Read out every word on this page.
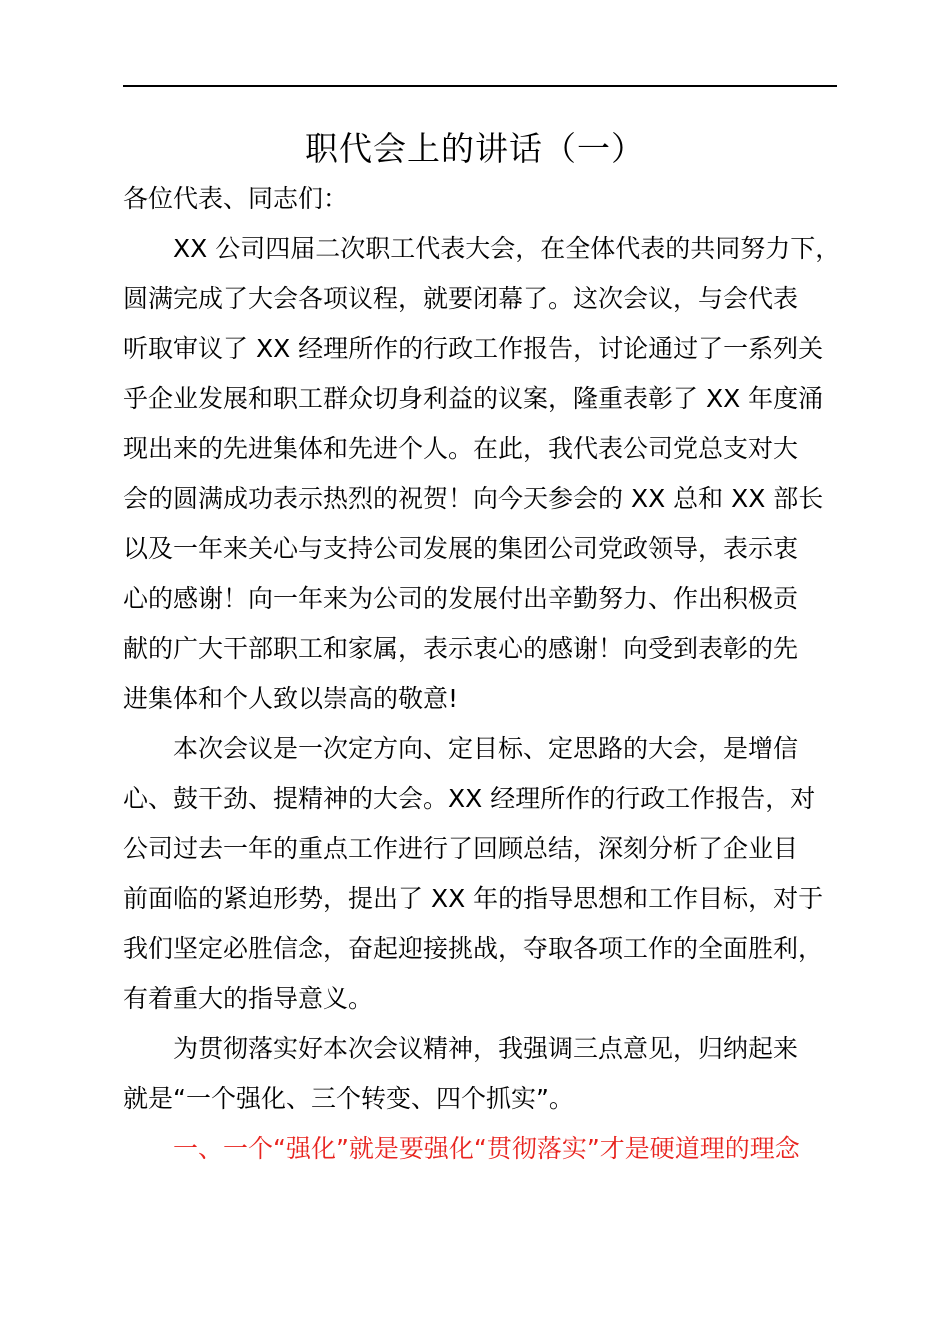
职代会上的讲话（一）
各位代表、同志们：
XX 公司四届二次职工代表大会，在全体代表的共同努力下，
圆满完成了大会各项议程，就要闭幕了。这次会议，与会代表
听取审议了 XX 经理所作的行政工作报告，讨论通过了一系列关
乎企业发展和职工群众切身利益的议案，隆重表彰了 XX 年度涌
现出来的先进集体和先进个人。在此，我代表公司党总支对大
会的圆满成功表示热烈的祝贺！向今天参会的 XX 总和 XX 部长
以及一年来关心与支持公司发展的集团公司党政领导，表示衷
心的感谢！向一年来为公司的发展付出辛勤努力、作出积极贡
献的广大干部职工和家属，表示衷心的感谢！向受到表彰的先
进集体和个人致以崇高的敬意!
本次会议是一次定方向、定目标、定思路的大会，是增信
心、鼓干劲、提精神的大会。XX 经理所作的行政工作报告，对
公司过去一年的重点工作进行了回顾总结，深刻分析了企业目
前面临的紧迫形势，提出了 XX 年的指导思想和工作目标，对于
我们坚定必胜信念，奋起迎接挑战，夺取各项工作的全面胜利，
有着重大的指导意义。
为贯彻落实好本次会议精神，我强调三点意见，归纳起来
就是“一个强化、三个转变、四个抓实”。
一、一个“强化”就是要强化“贯彻落实”才是硬道理的理念
